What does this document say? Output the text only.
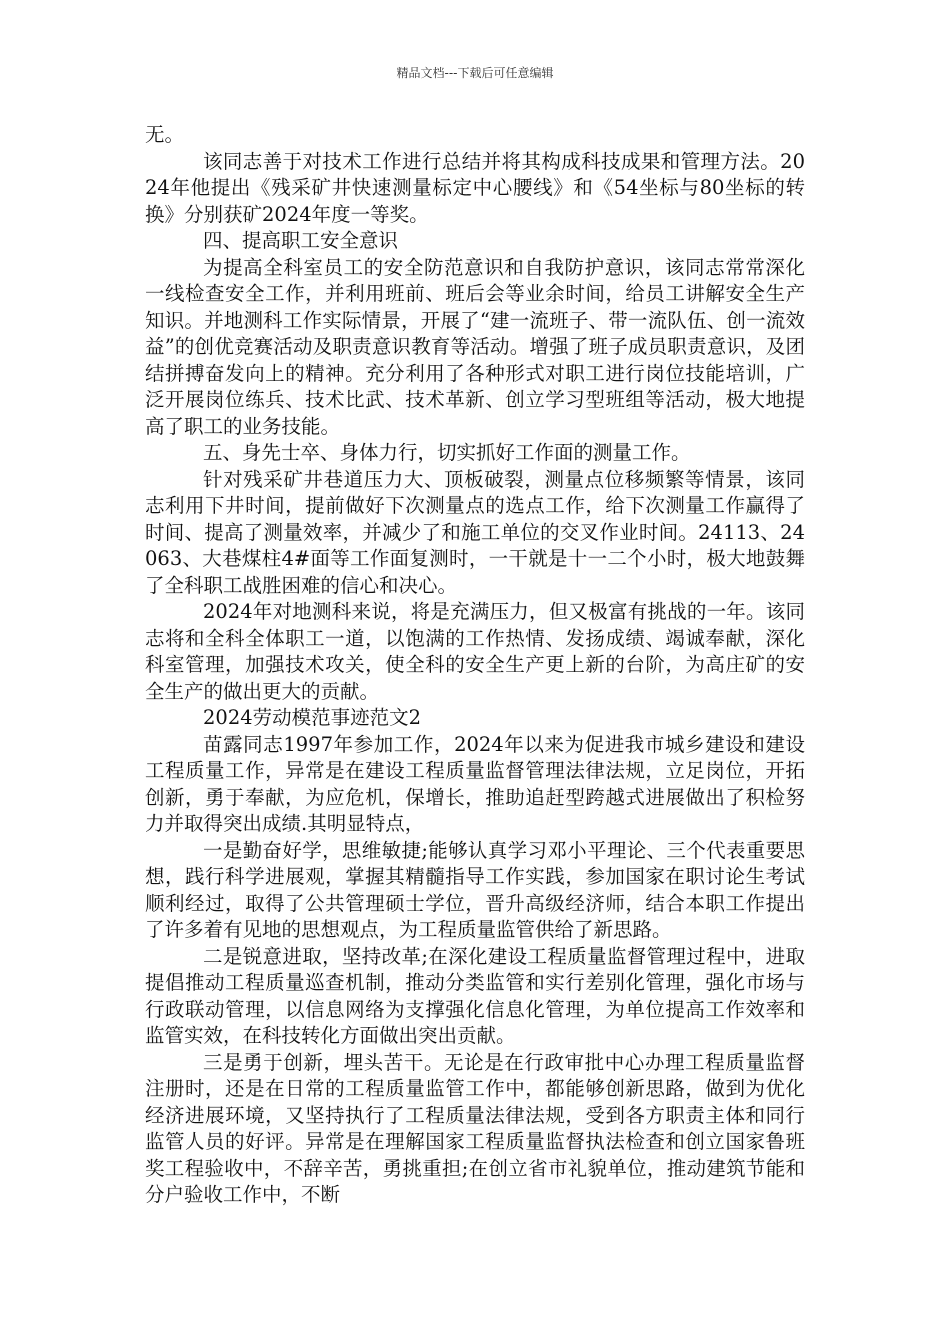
精品文档---下载后可任意编辑

无。

该同志善于对技术工作进行总结并将其构成科技成果和管理方法。2024年他提出《残采矿井快速测量标定中心腰线》和《54坐标与80坐标的转换》分别获矿2024年度一等奖。

四、提高职工安全意识

为提高全科室员工的安全防范意识和自我防护意识，该同志常常深化一线检查安全工作，并利用班前、班后会等业余时间，给员工讲解安全生产知识。并地测科工作实际情景，开展了“建一流班子、带一流队伍、创一流效益”的创优竞赛活动及职责意识教育等活动。增强了班子成员职责意识，及团结拼搏奋发向上的精神。充分利用了各种形式对职工进行岗位技能培训，广泛开展岗位练兵、技术比武、技术革新、创立学习型班组等活动，极大地提高了职工的业务技能。

五、身先士卒、身体力行，切实抓好工作面的测量工作。

针对残采矿井巷道压力大、顶板破裂，测量点位移频繁等情景，该同志利用下井时间，提前做好下次测量点的选点工作，给下次测量工作赢得了时间、提高了测量效率，并减少了和施工单位的交叉作业时间。24113、24063、大巷煤柱4#面等工作面复测时，一干就是十一二个小时，极大地鼓舞了全科职工战胜困难的信心和决心。

2024年对地测科来说，将是充满压力，但又极富有挑战的一年。该同志将和全科全体职工一道，以饱满的工作热情、发扬成绩、竭诚奉献，深化科室管理，加强技术攻关，使全科的安全生产更上新的台阶，为高庄矿的安全生产的做出更大的贡献。

2024劳动模范事迹范文2

苗露同志1997年参加工作，2024年以来为促进我市城乡建设和建设工程质量工作，异常是在建设工程质量监督管理法律法规，立足岗位，开拓创新，勇于奉献，为应危机，保增长，推助追赶型跨越式进展做出了积检努力并取得突出成绩.其明显特点，

一是勤奋好学，思维敏捷;能够认真学习邓小平理论、三个代表重要思想，践行科学进展观，掌握其精髓指导工作实践，参加国家在职讨论生考试顺利经过，取得了公共管理硕士学位，晋升高级经济师，结合本职工作提出了许多着有见地的思想观点，为工程质量监管供给了新思路。

二是锐意进取，坚持改革;在深化建设工程质量监督管理过程中，进取提倡推动工程质量巡查机制，推动分类监管和实行差别化管理，强化市场与行政联动管理，以信息网络为支撑强化信息化管理，为单位提高工作效率和监管实效，在科技转化方面做出突出贡献。

三是勇于创新，埋头苦干。无论是在行政审批中心办理工程质量监督注册时，还是在日常的工程质量监管工作中，都能够创新思路，做到为优化经济进展环境，又坚持执行了工程质量法律法规，受到各方职责主体和同行监管人员的好评。异常是在理解国家工程质量监督执法检查和创立国家鲁班奖工程验收中，不辞辛苦，勇挑重担;在创立省市礼貌单位，推动建筑节能和分户验收工作中，不断
